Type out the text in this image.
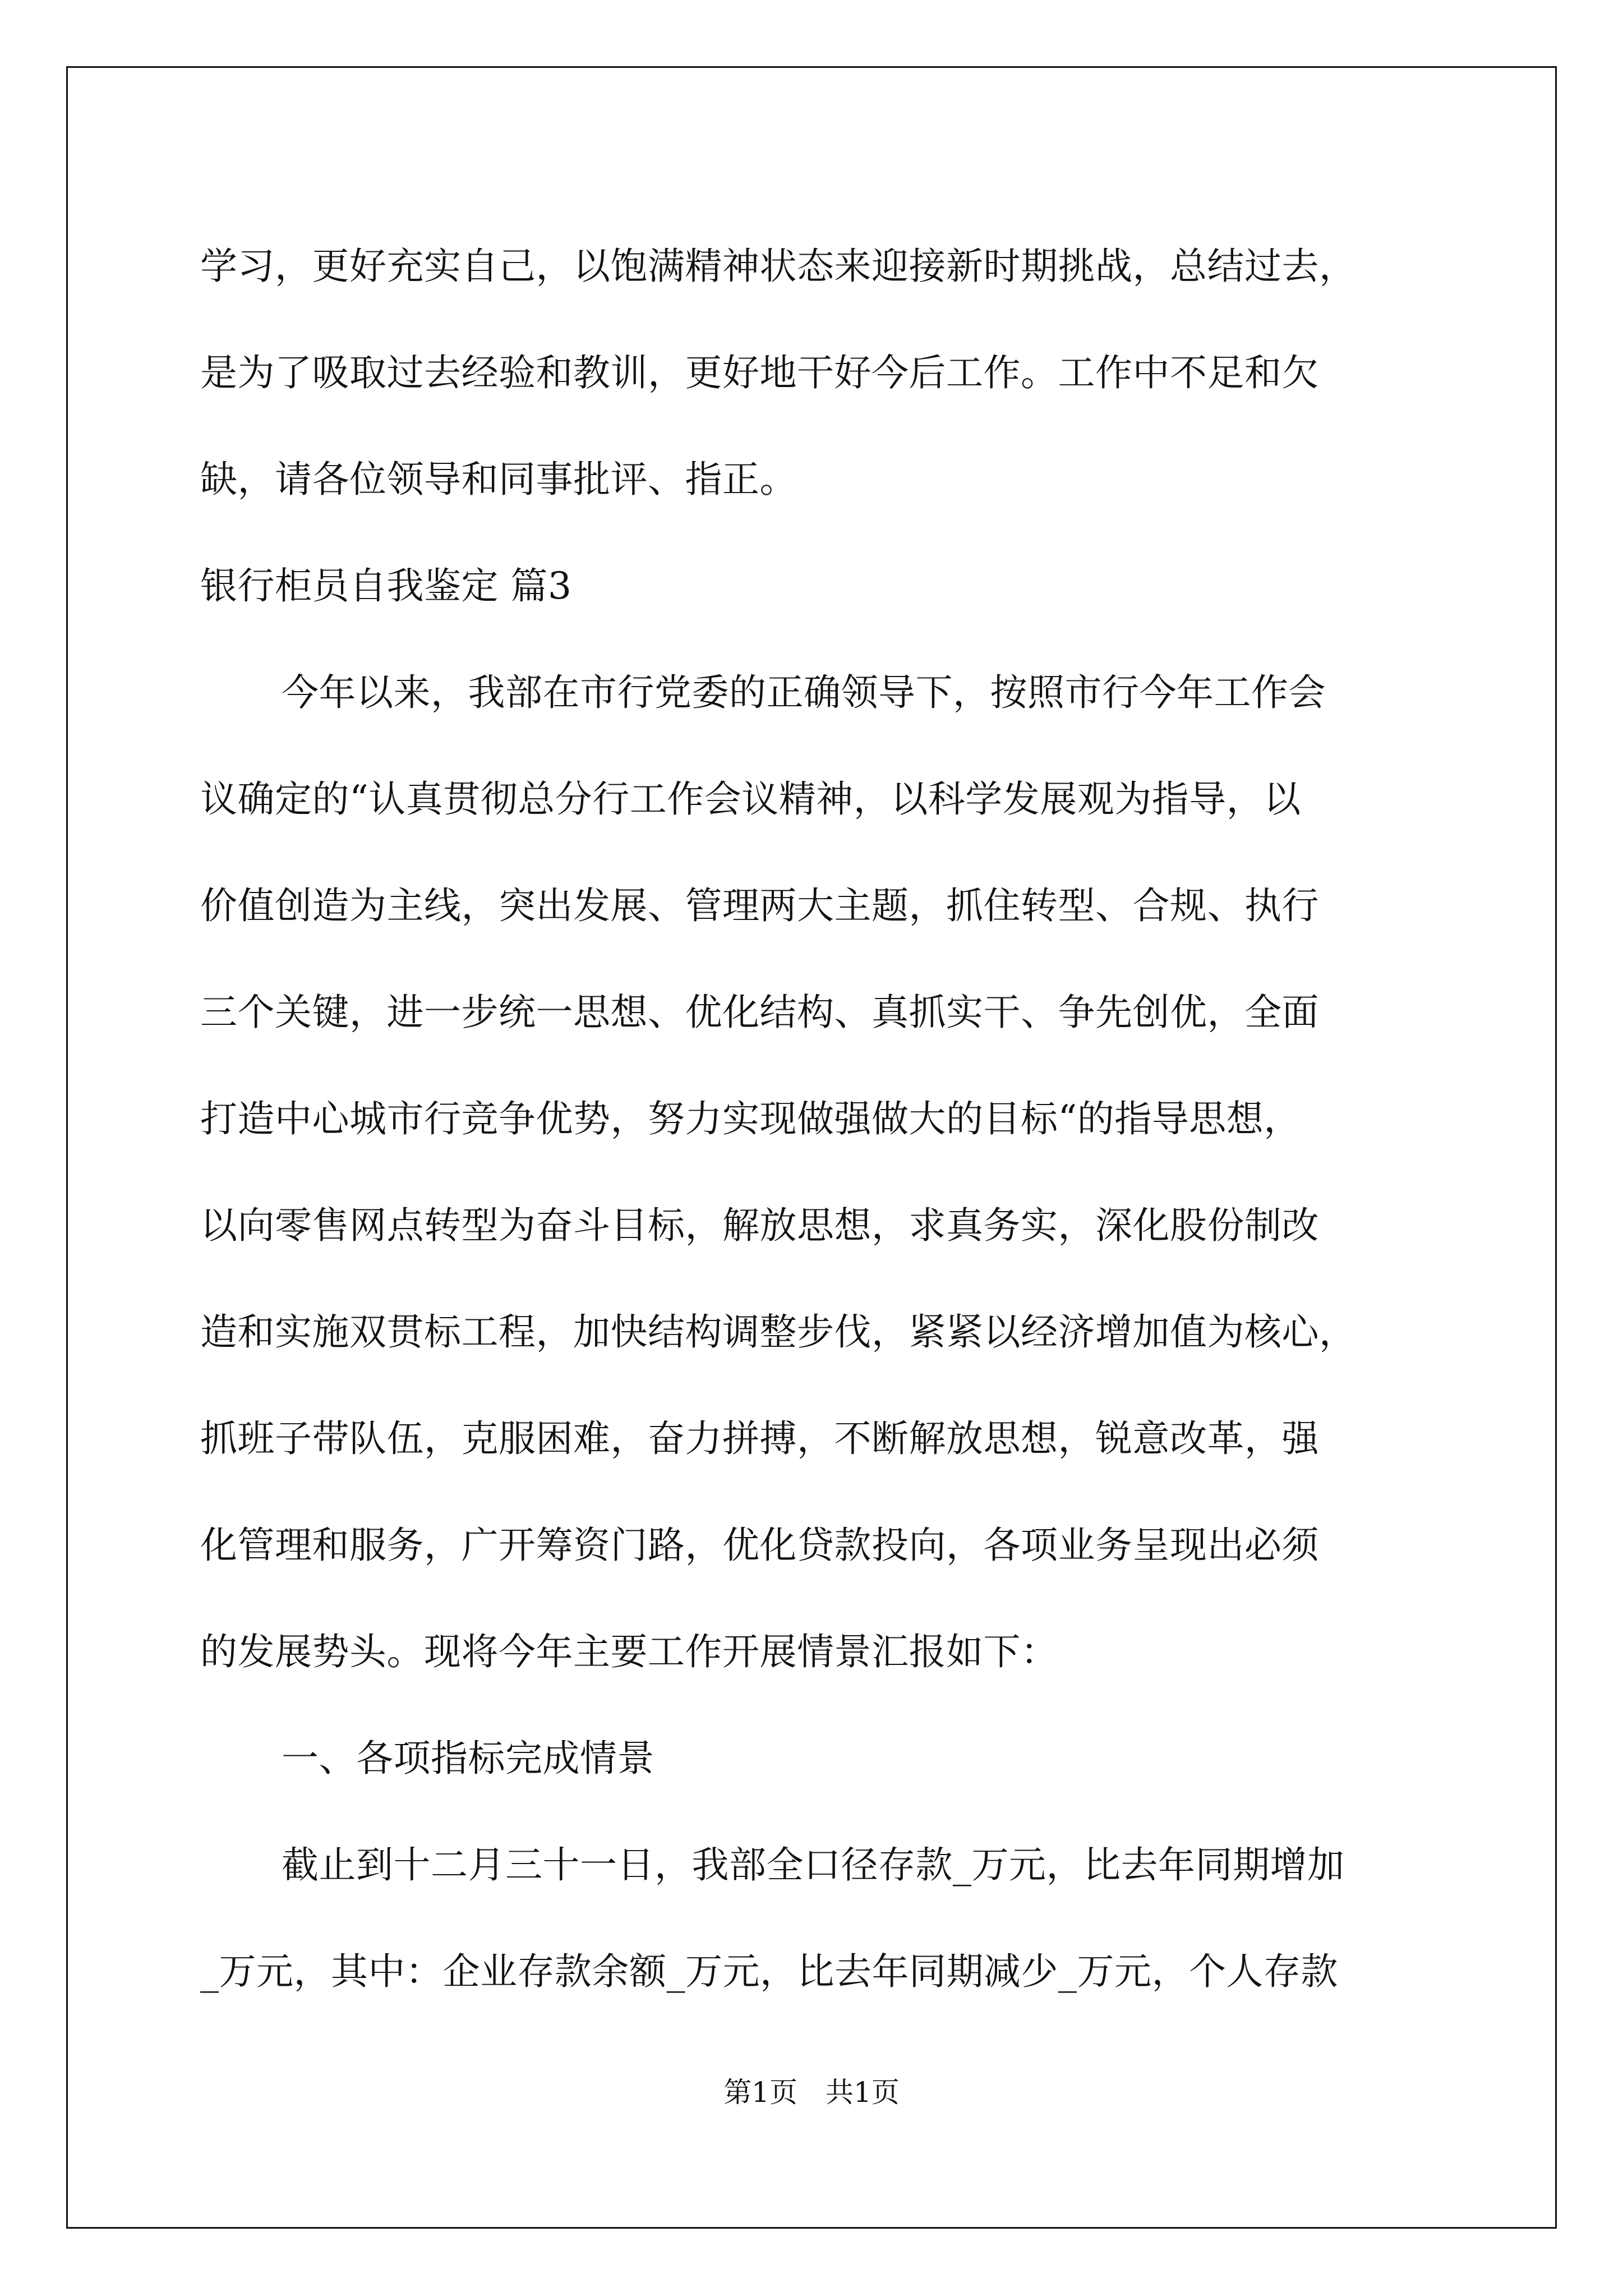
学习，更好充实自己，以饱满精神状态来迎接新时期挑战，总结过去，
是为了吸取过去经验和教训，更好地干好今后工作。工作中不足和欠
缺，请各位领导和同事批评、指正。
银行柜员自我鉴定 篇3
今年以来，我部在市行党委的正确领导下，按照市行今年工作会
议确定的“认真贯彻总分行工作会议精神，以科学发展观为指导，以
价值创造为主线，突出发展、管理两大主题，抓住转型、合规、执行
三个关键，进一步统一思想、优化结构、真抓实干、争先创优，全面
打造中心城市行竞争优势，努力实现做强做大的目标“的指导思想，
以向零售网点转型为奋斗目标，解放思想，求真务实，深化股份制改
造和实施双贯标工程，加快结构调整步伐，紧紧以经济增加值为核心，
抓班子带队伍，克服困难，奋力拼搏，不断解放思想，锐意改革，强
化管理和服务，广开筹资门路，优化贷款投向，各项业务呈现出必须
的发展势头。现将今年主要工作开展情景汇报如下：
一、各项指标完成情景
截止到十二月三十一日，我部全口径存款_万元，比去年同期增加
_万元，其中：企业存款余额_万元，比去年同期减少_万元，个人存款
第1页　共1页
